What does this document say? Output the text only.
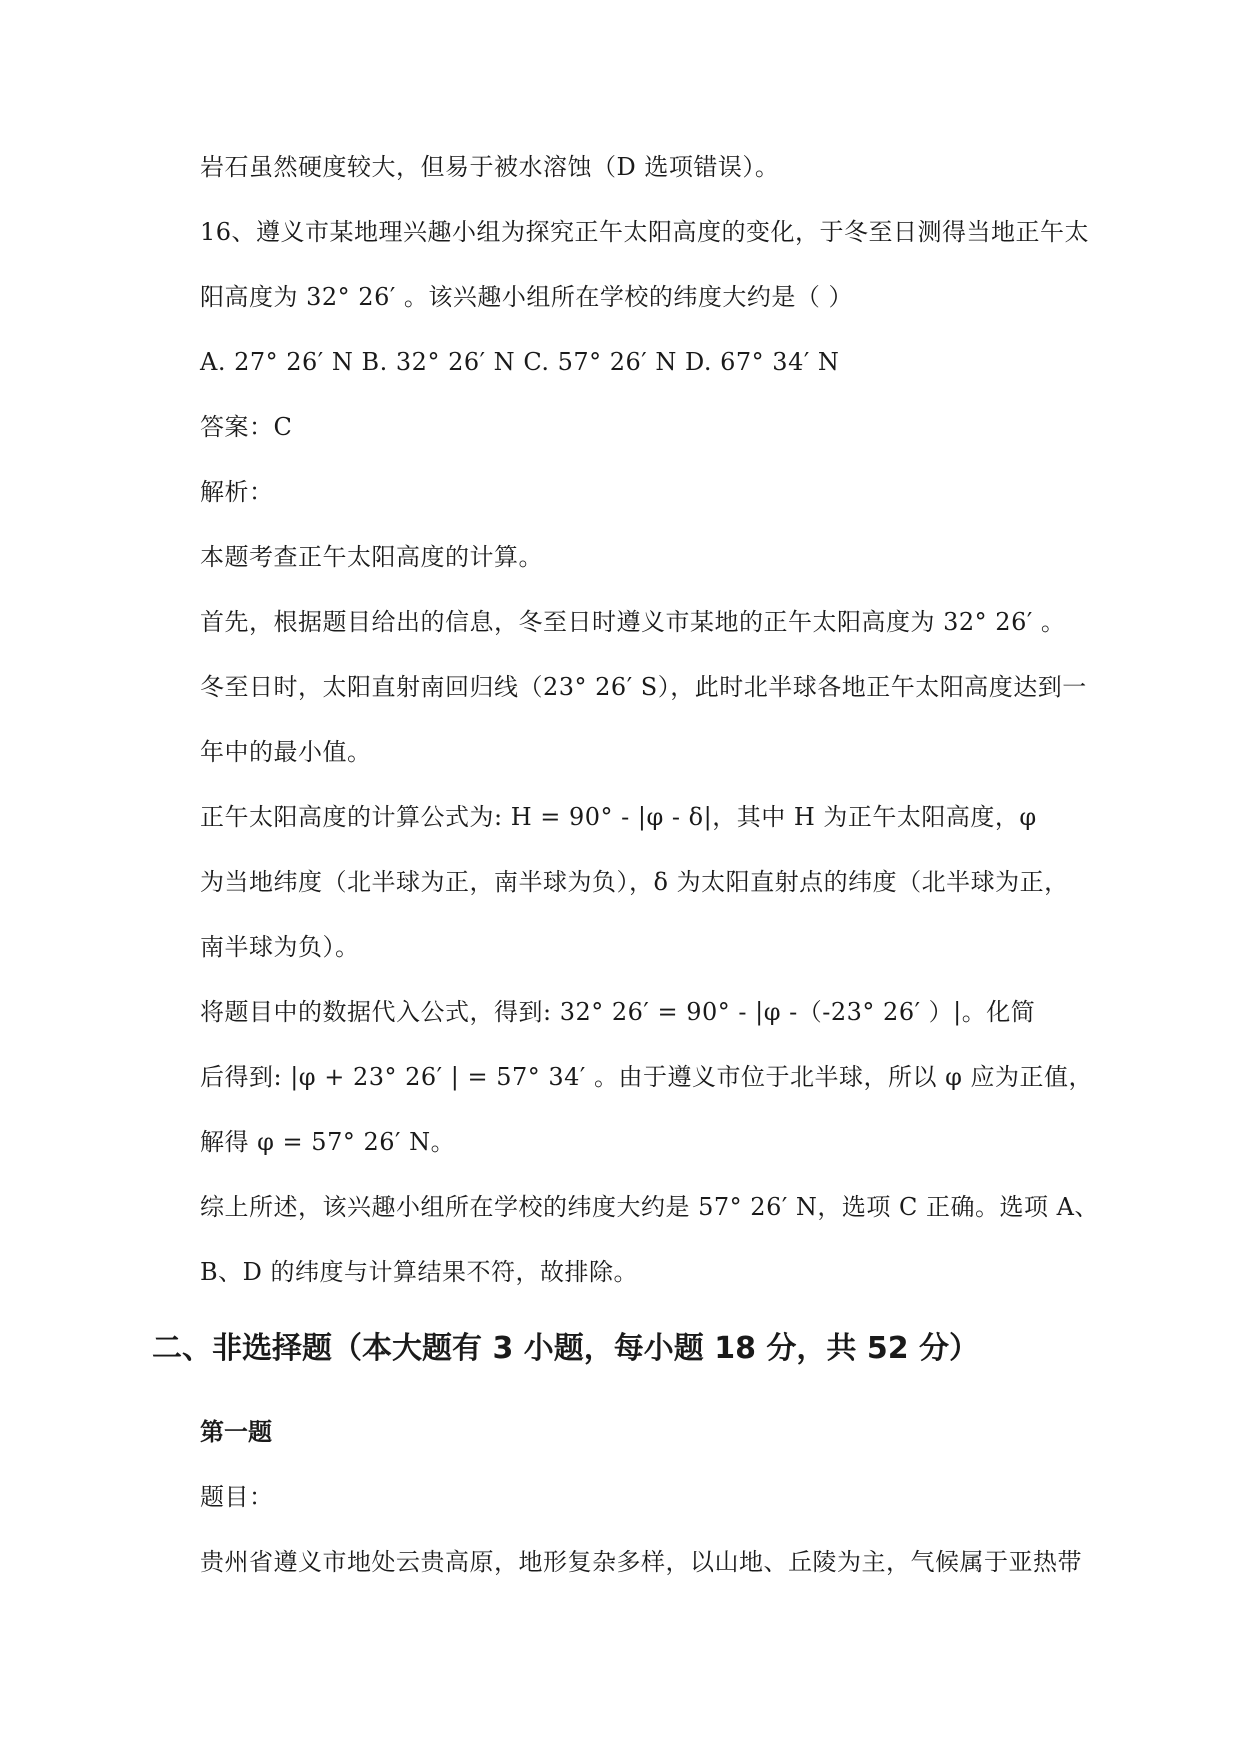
岩石虽然硬度较大，但易于被水溶蚀（D 选项错误）。
16、遵义市某地理兴趣小组为探究正午太阳高度的变化，于冬至日测得当地正午太
阳高度为 32° 26′ 。该兴趣小组所在学校的纬度大约是（ ）
A. 27° 26′ N B. 32° 26′ N C. 57° 26′ N D. 67° 34′ N
答案：C
解析：
本题考查正午太阳高度的计算。
首先，根据题目给出的信息，冬至日时遵义市某地的正午太阳高度为 32° 26′ 。
冬至日时，太阳直射南回归线（23° 26′ S），此时北半球各地正午太阳高度达到一
年中的最小值。
正午太阳高度的计算公式为: H = 90° - |φ - δ|，其中 H 为正午太阳高度，φ
为当地纬度（北半球为正，南半球为负），δ 为太阳直射点的纬度（北半球为正，
南半球为负）。
将题目中的数据代入公式，得到: 32° 26′ = 90° - |φ -（-23° 26′ ）|。化简
后得到: |φ + 23° 26′ | = 57° 34′ 。由于遵义市位于北半球，所以 φ 应为正值，
解得 φ = 57° 26′ N。
综上所述，该兴趣小组所在学校的纬度大约是 57° 26′ N，选项 C 正确。选项 A、
B、D 的纬度与计算结果不符，故排除。
二、非选择题（本大题有 3 小题，每小题 18 分，共 52 分）
第一题
题目：
贵州省遵义市地处云贵高原，地形复杂多样，以山地、丘陵为主，气候属于亚热带
